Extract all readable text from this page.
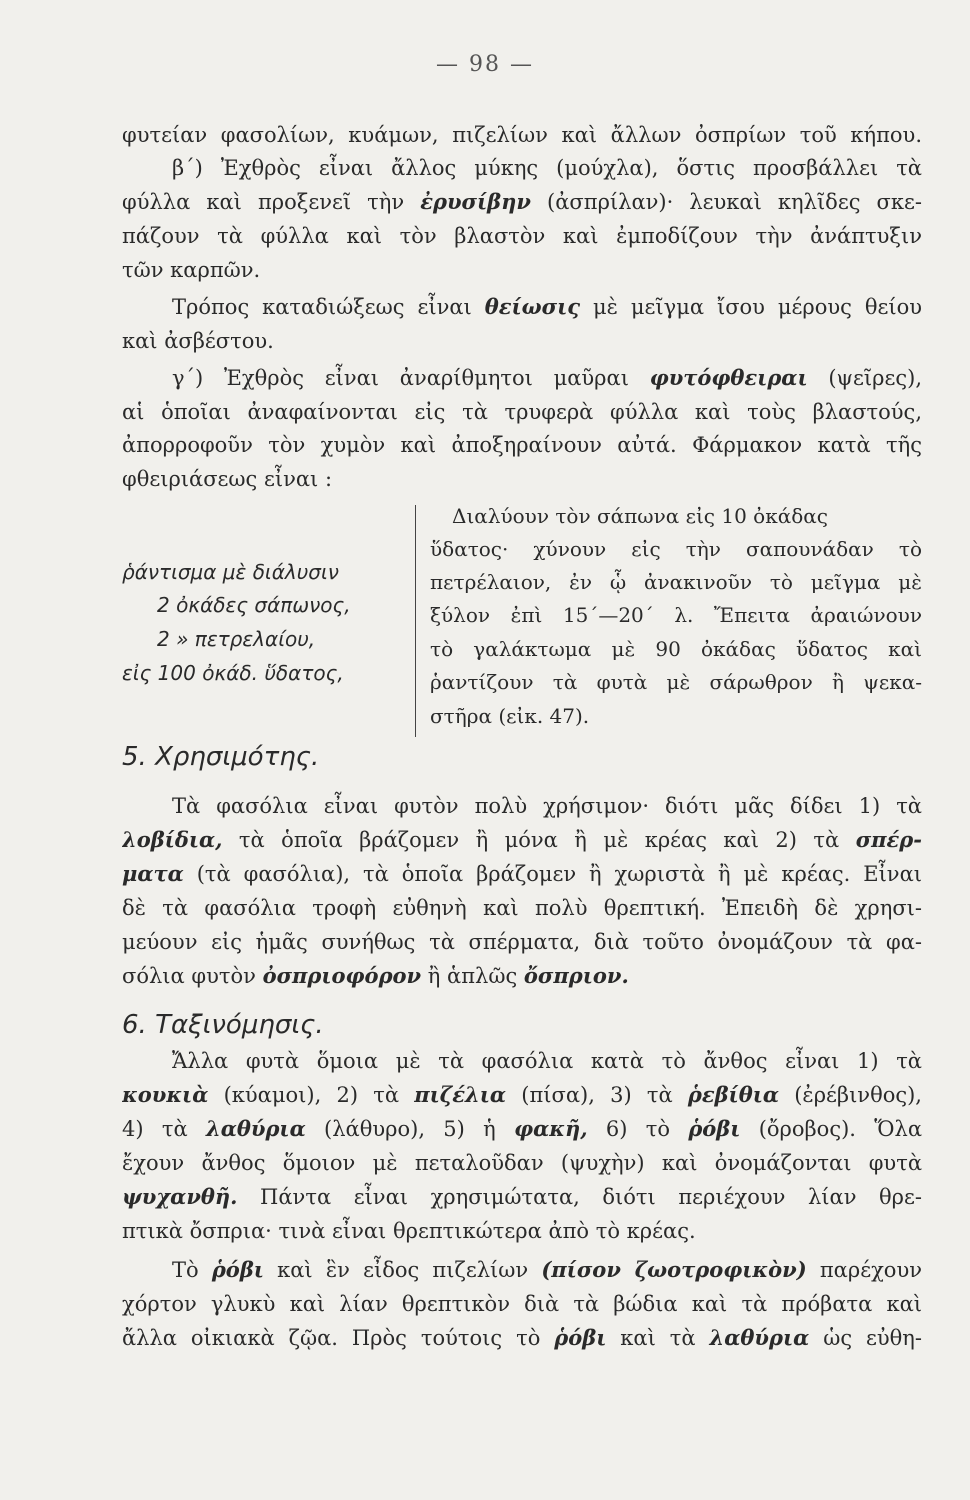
— 98 —
φυτείαν φασολίων, κυάμων, πιζελίων καὶ ἄλλων ὀσπρίων τοῦ κήπου.
β΄) Ἐχθρὸς εἶναι ἄλλος μύκης (μούχλα), ὅστις προσβάλλει τὰ
φύλλα καὶ προξενεῖ τὴν ἐρυσίβην (ἀσπρίλαν)· λευκαὶ κηλῖδες σκε-
πάζουν τὰ φύλλα καὶ τὸν βλαστὸν καὶ ἐμποδίζουν τὴν ἀνάπτυξιν
τῶν καρπῶν.
Τρόπος καταδιώξεως εἶναι θείωσις μὲ μεῖγμα ἴσου μέρους θείου
καὶ ἀσβέστου.
γ΄) Ἐχθρὸς εἶναι ἀναρίθμητοι μαῦραι φυτόφθειραι (ψεῖρες),
αἱ ὁποῖαι ἀναφαίνονται εἰς τὰ τρυφερὰ φύλλα καὶ τοὺς βλαστούς,
ἀπορροφοῦν τὸν χυμὸν καὶ ἀποξηραίνουν αὐτά. Φάρμακον κατὰ τῆς
φθειριάσεως εἶναι :
ῥάντισμα μὲ διάλυσιν
2 ὀκάδες σάπωνος,
2 » πετρελαίου,
εἰς 100 ὀκάδ. ὕδατος,
Διαλύουν τὸν σάπωνα εἰς 10 ὀκάδας
ὕδατος· χύνουν εἰς τὴν σαπουνάδαν τὸ
πετρέλαιον, ἐν ᾧ ἀνακινοῦν τὸ μεῖγμα μὲ
ξύλον ἐπὶ 15΄—20΄ λ. Ἔπειτα ἀραιώνουν
τὸ γαλάκτωμα μὲ 90 ὀκάδας ὕδατος καὶ
ῥαντίζουν τὰ φυτὰ μὲ σάρωθρον ἢ ψεκα-
στῆρα (εἰκ. 47).
5. Χρησιμότης.
Τὰ φασόλια εἶναι φυτὸν πολὺ χρήσιμον· διότι μᾶς δίδει 1) τὰ
λοβίδια, τὰ ὁποῖα βράζομεν ἢ μόνα ἢ μὲ κρέας καὶ 2) τὰ σπέρ-
ματα (τὰ φασόλια), τὰ ὁποῖα βράζομεν ἢ χωριστὰ ἢ μὲ κρέας. Εἶναι
δὲ τὰ φασόλια τροφὴ εὐθηνὴ καὶ πολὺ θρεπτική. Ἐπειδὴ δὲ χρησι-
μεύουν εἰς ἡμᾶς συνήθως τὰ σπέρματα, διὰ τοῦτο ὀνομάζουν τὰ φα-
σόλια φυτὸν ὀσπριοφόρον ἢ ἁπλῶς ὄσπριον.
6. Ταξινόμησις.
Ἄλλα φυτὰ ὅμοια μὲ τὰ φασόλια κατὰ τὸ ἄνθος εἶναι 1) τὰ
κουκιὰ (κύαμοι), 2) τὰ πιζέλια (πίσα), 3) τὰ ῥεβίθια (ἐρέβινθος),
4) τὰ λαθύρια (λάθυρο), 5) ἡ φακῆ, 6) τὸ ῥόβι (ὄροβος). Ὅλα
ἔχουν ἄνθος ὅμοιον μὲ πεταλοῦδαν (ψυχὴν) καὶ ὀνομάζονται φυτὰ
ψυχανθῆ. Πάντα εἶναι χρησιμώτατα, διότι περιέχουν λίαν θρε-
πτικὰ ὄσπρια· τινὰ εἶναι θρεπτικώτερα ἀπὸ τὸ κρέας.
Τὸ ῥόβι καὶ ἓν εἶδος πιζελίων (πίσον ζωοτροφικὸν) παρέχουν
χόρτον γλυκὺ καὶ λίαν θρεπτικὸν διὰ τὰ βώδια καὶ τὰ πρόβατα καὶ
ἄλλα οἰκιακὰ ζῷα. Πρὸς τούτοις τὸ ῥόβι καὶ τὰ λαθύρια ὡς εὐθη-
